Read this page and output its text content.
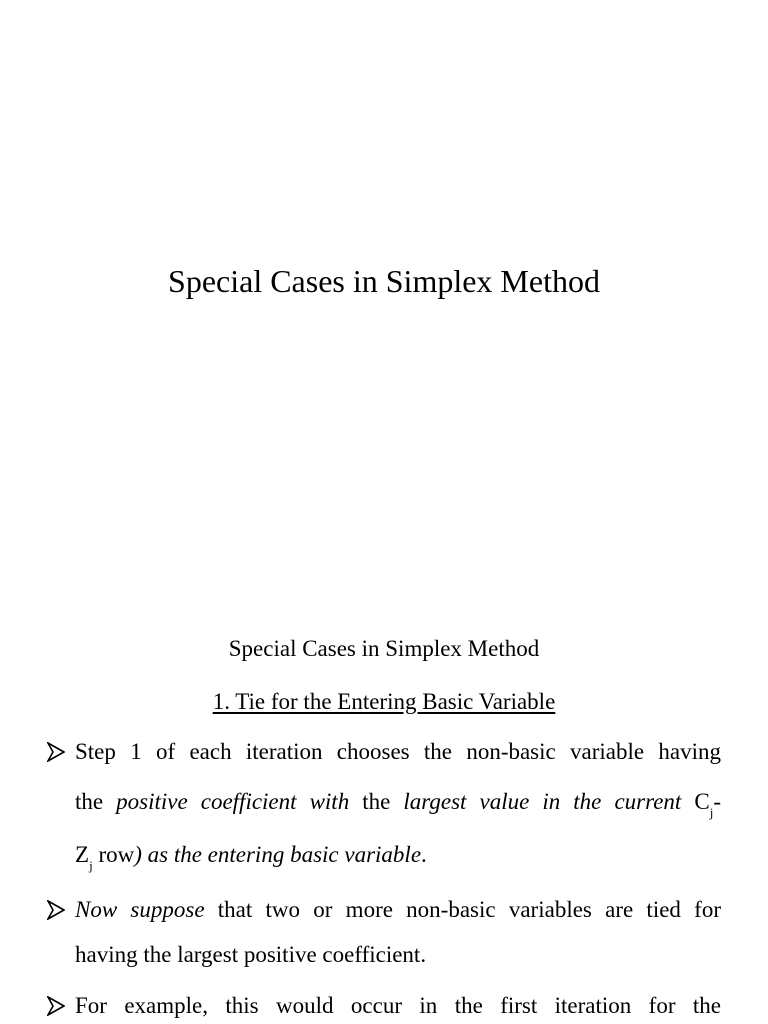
Special Cases in Simplex Method
Special Cases in Simplex Method
1. Tie for the Entering Basic Variable
Step 1 of each iteration chooses the non-basic variable having
the positive coefficient with the largest value in the current $C_j-$
$Z_j$ row) as the entering basic variable.
Now suppose that two or more non-basic variables are tied for
having the largest positive coefficient.
For example, this would occur in the first iteration for the
